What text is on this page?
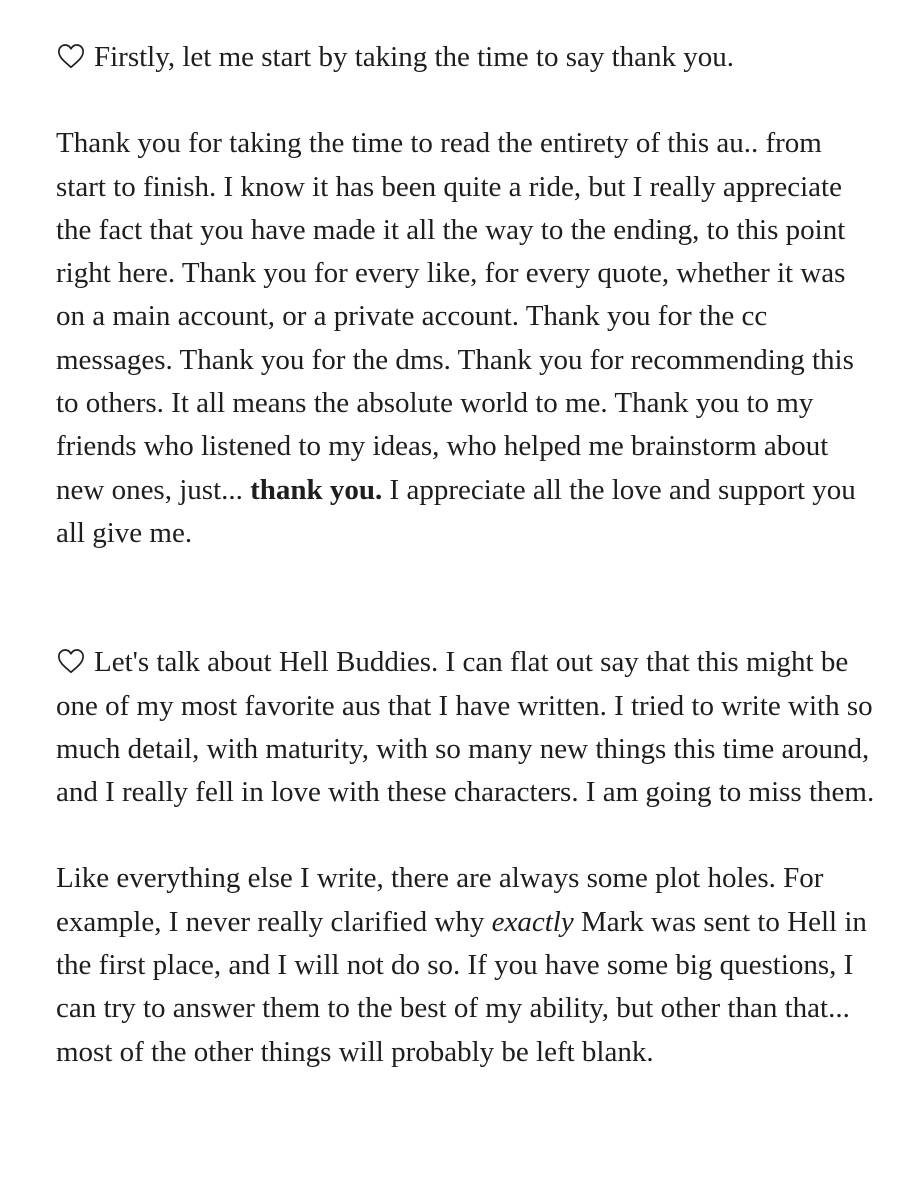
Firstly, let me start by taking the time to say thank you.

Thank you for taking the time to read the entirety of this au.. from start to finish. I know it has been quite a ride, but I really appreciate the fact that you have made it all the way to the ending, to this point right here. Thank you for every like, for every quote, whether it was on a main account, or a private account. Thank you for the cc messages. Thank you for the dms. Thank you for recommending this to others. It all means the absolute world to me. Thank you to my friends who listened to my ideas, who helped me brainstorm about new ones, just... thank you. I appreciate all the love and support you all give me.

Let's talk about Hell Buddies. I can flat out say that this might be one of my most favorite aus that I have written. I tried to write with so much detail, with maturity, with so many new things this time around, and I really fell in love with these characters. I am going to miss them.

Like everything else I write, there are always some plot holes. For example, I never really clarified why exactly Mark was sent to Hell in the first place, and I will not do so. If you have some big questions, I can try to answer them to the best of my ability, but other than that... most of the other things will probably be left blank.
